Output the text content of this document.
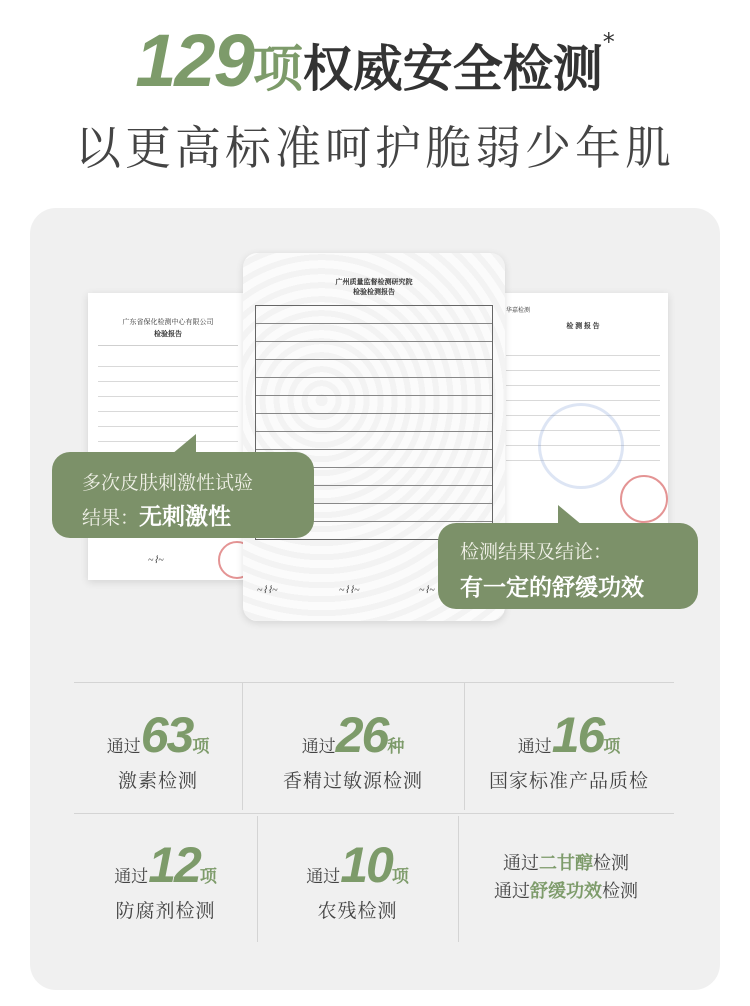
129项权威安全检测*
以更高标准呵护脆弱少年肌
广东省保化检测中心有限公司
检验报告
~⌇~
华嘉检测
检 测 报 告
广州质量监督检测研究院
检验检测报告
~⌇⌇~	~⌇⌇~	~⌇~
多次皮肤刺激性试验
结果：无刺激性
检测结果及结论：
有一定的舒缓功效
通过63项
激素检测
通过26种
香精过敏源检测
通过16项
国家标准产品质检
通过12项
防腐剂检测
通过10项
农残检测
通过二甘醇检测
通过舒缓功效检测
